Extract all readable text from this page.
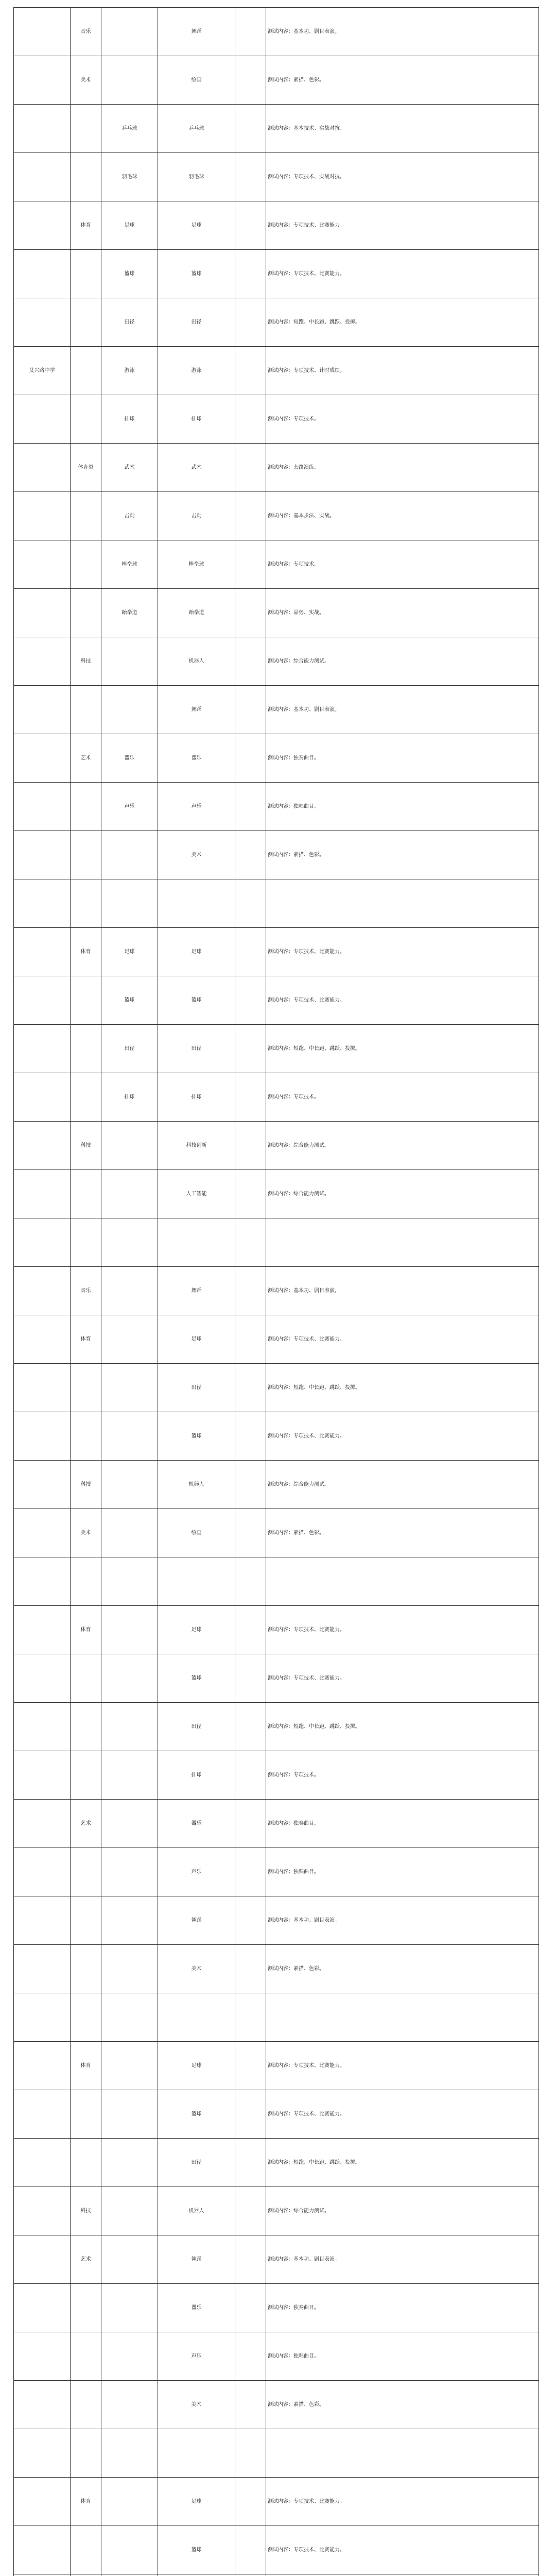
	音乐		舞蹈		测试内容：基本功、剧目表演。
	美术		绘画		测试内容：素描、色彩。
		乒乓球	乒乓球		测试内容：基本技术、实战对抗。
		羽毛球	羽毛球		测试内容：专项技术、实战对抗。
	体育	足球	足球		测试内容：专项技术、比赛能力。
		篮球	篮球		测试内容：专项技术、比赛能力。
		田径	田径		测试内容：短跑、中长跑、跳跃、投掷。
艾兴路中学		游泳	游泳		测试内容：专项技术、计时成绩。
		排球	排球		测试内容：专项技术。
	体育类	武术	武术		测试内容：套路演练。
		击剑	击剑		测试内容：基本步法、实战。
		棒垒球	棒垒球		测试内容：专项技术。
		跆拳道	跆拳道		测试内容：品势、实战。
	科技		机器人		测试内容：综合能力测试。
			舞蹈		测试内容：基本功、剧目表演。
	艺术	器乐	器乐		测试内容：独奏曲目。
		声乐	声乐		测试内容：独唱曲目。
			美术		测试内容：素描、色彩。

	体育	足球	足球		测试内容：专项技术、比赛能力。
		篮球	篮球		测试内容：专项技术、比赛能力。
		田径	田径		测试内容：短跑、中长跑、跳跃、投掷。
		排球	排球		测试内容：专项技术。
	科技		科技创新		测试内容：综合能力测试。
			人工智能		测试内容：综合能力测试。

	音乐		舞蹈		测试内容：基本功、剧目表演。
	体育		足球		测试内容：专项技术、比赛能力。
			田径		测试内容：短跑、中长跑、跳跃、投掷。
			篮球		测试内容：专项技术、比赛能力。
	科技		机器人		测试内容：综合能力测试。
	美术		绘画		测试内容：素描、色彩。

	体育		足球		测试内容：专项技术、比赛能力。
			篮球		测试内容：专项技术、比赛能力。
			田径		测试内容：短跑、中长跑、跳跃、投掷。
			排球		测试内容：专项技术。
	艺术		器乐		测试内容：独奏曲目。
			声乐		测试内容：独唱曲目。
			舞蹈		测试内容：基本功、剧目表演。
			美术		测试内容：素描、色彩。

	体育		足球		测试内容：专项技术、比赛能力。
			篮球		测试内容：专项技术、比赛能力。
			田径		测试内容：短跑、中长跑、跳跃、投掷。
	科技		机器人		测试内容：综合能力测试。
	艺术		舞蹈		测试内容：基本功、剧目表演。
			器乐		测试内容：独奏曲目。
			声乐		测试内容：独唱曲目。
			美术		测试内容：素描、色彩。

	体育		足球		测试内容：专项技术、比赛能力。
			篮球		测试内容：专项技术、比赛能力。
